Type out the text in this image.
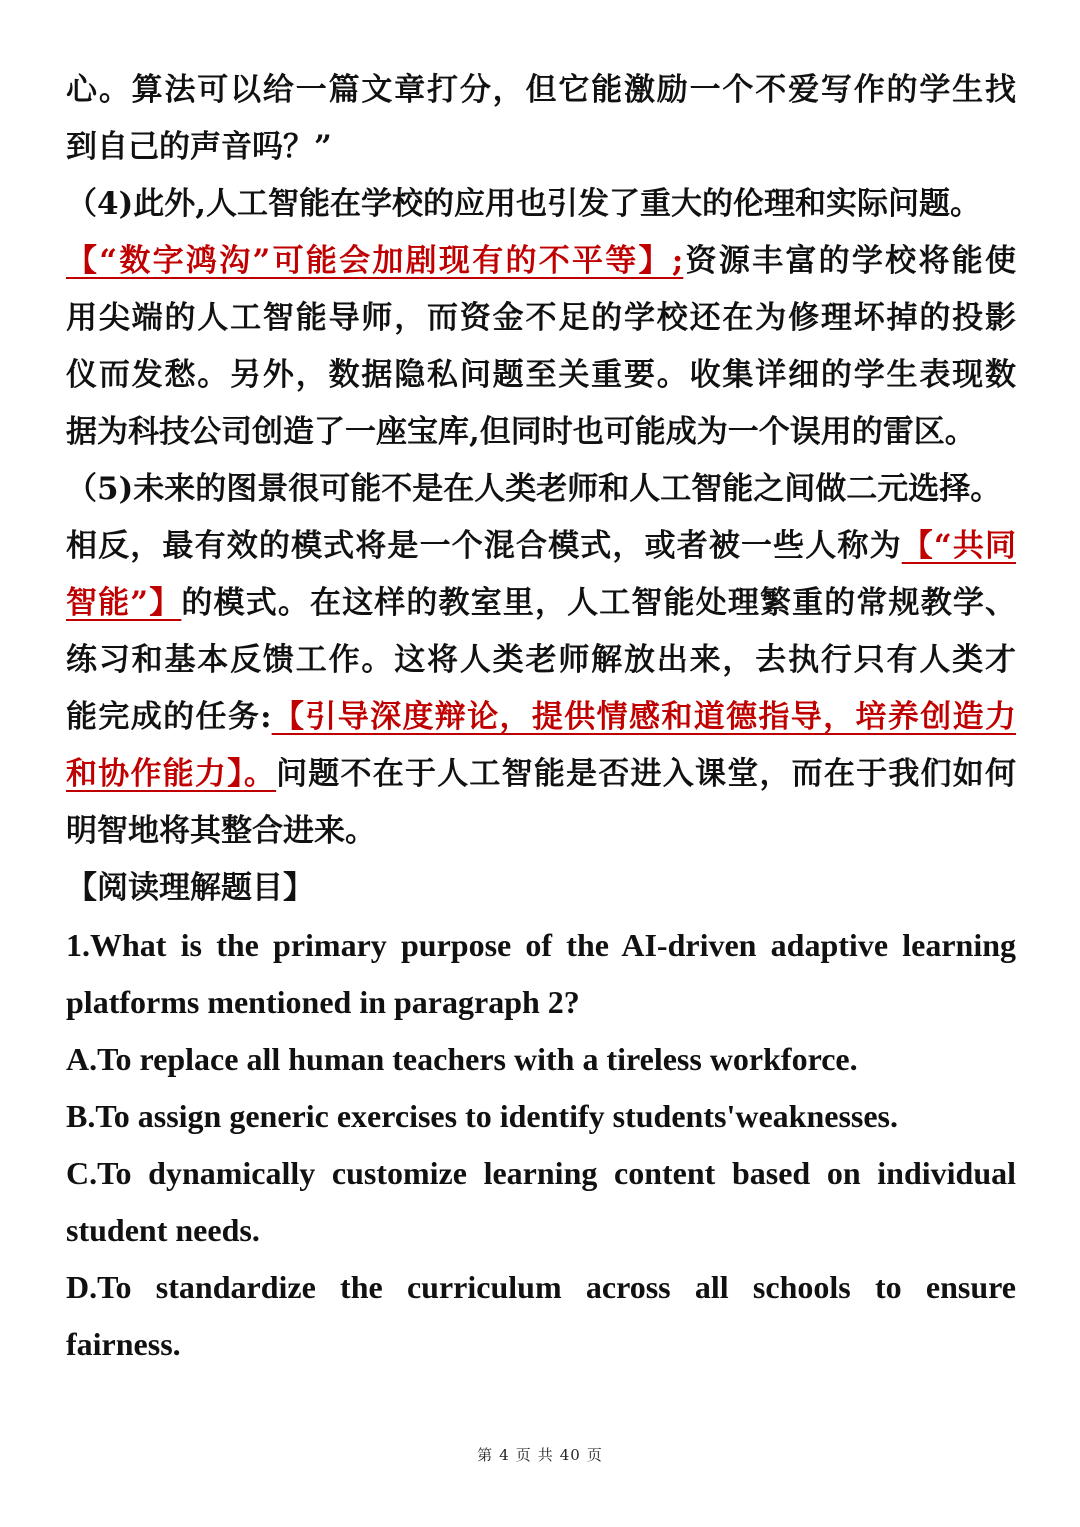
心。算法可以给一篇文章打分，但它能激励一个不爱写作的学生找
到自己的声音吗？”
（4)此外,人工智能在学校的应用也引发了重大的伦理和实际问题。
【“数字鸿沟”可能会加剧现有的不平等】;资源丰富的学校将能使
用尖端的人工智能导师，而资金不足的学校还在为修理坏掉的投影
仪而发愁。另外，数据隐私问题至关重要。收集详细的学生表现数
据为科技公司创造了一座宝库,但同时也可能成为一个误用的雷区。
（5)未来的图景很可能不是在人类老师和人工智能之间做二元选择。
相反，最有效的模式将是一个混合模式，或者被一些人称为【“共同
智能”】的模式。在这样的教室里，人工智能处理繁重的常规教学、
练习和基本反馈工作。这将人类老师解放出来，去执行只有人类才
能完成的任务:【引导深度辩论，提供情感和道德指导，培养创造力
和协作能力】。问题不在于人工智能是否进入课堂，而在于我们如何
明智地将其整合进来。
【阅读理解题目】
1.What is the primary purpose of the AI-driven adaptive learning
platforms mentioned in paragraph 2?
A.To replace all human teachers with a tireless workforce.
B.To assign generic exercises to identify students'weaknesses.
C.To dynamically customize learning content based on individual
student needs.
D.To standardize the curriculum across all schools to ensure
fairness.
第 4 页 共 40 页
